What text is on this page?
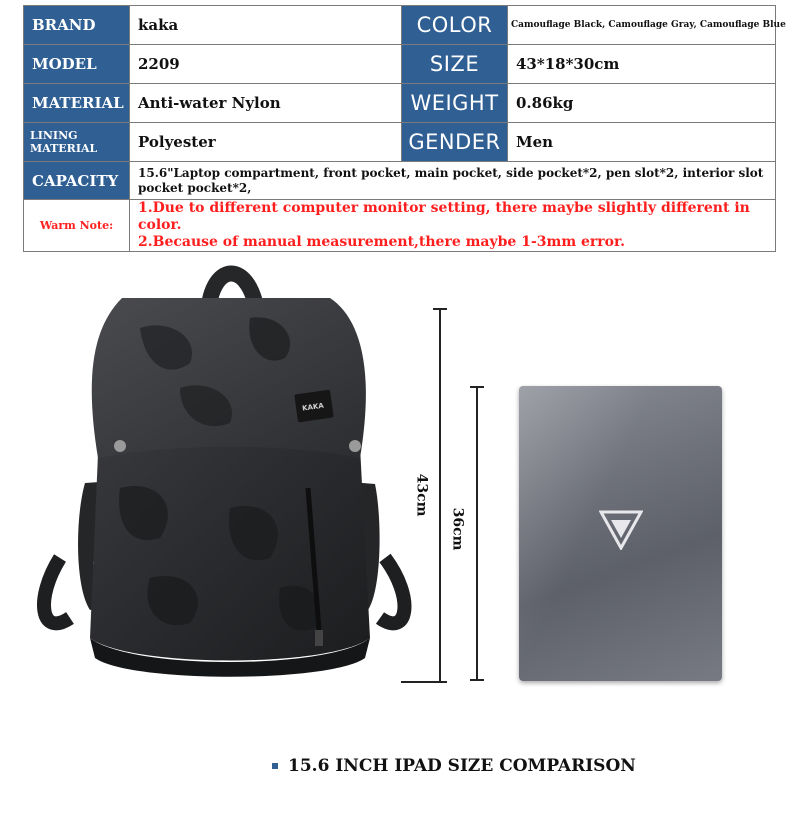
BRAND	kaka	COLOR	Camouflage Black, Camouflage Gray, Camouflage Blue
MODEL	2209	SIZE	43*18*30cm
MATERIAL	Anti-water Nylon	WEIGHT	0.86kg
LINING MATERIAL	Polyester	GENDER	Men
CAPACITY	15.6"Laptop compartment, front pocket, main pocket, side pocket*2, pen slot*2, interior slot
pocket pocket*2,		

Warm Note:	1.Due to different computer monitor setting, there maybe slightly different in color.
2.Because of manual measurement,there maybe 1-3mm error.		
KAKA
43cm
36cm
15.6 INCH IPAD SIZE COMPARISON
